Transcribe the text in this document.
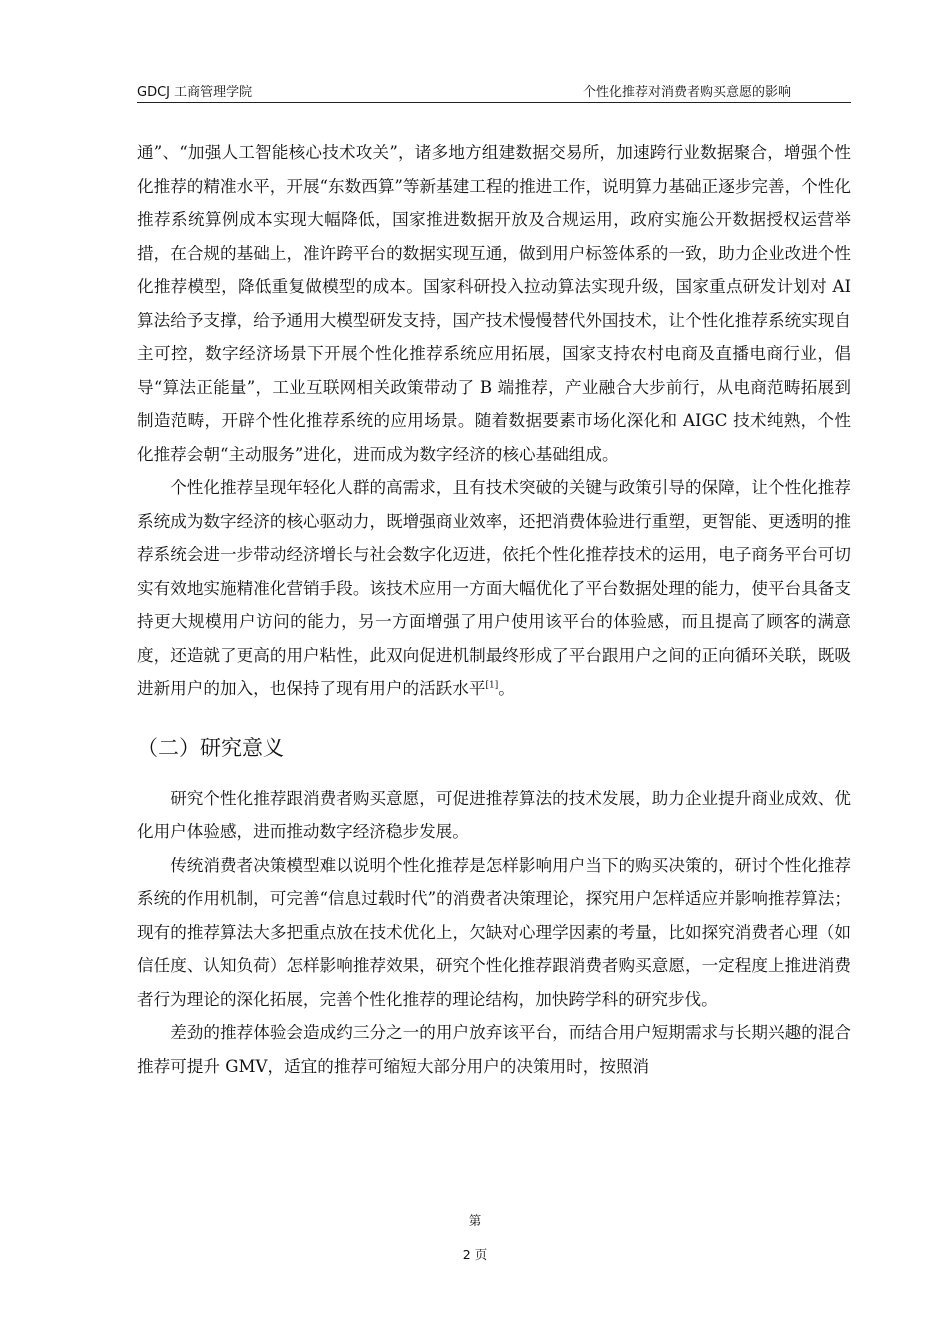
GDCJ 工商管理学院	个性化推荐对消费者购买意愿的影响

通”、“加强人工智能核心技术攻关”，诸多地方组建数据交易所，加速跨行业数据聚合，增强个性化推荐的精准水平，开展“东数西算”等新基建工程的推进工作，说明算力基础正逐步完善，个性化推荐系统算例成本实现大幅降低，国家推进数据开放及合规运用，政府实施公开数据授权运营举措，在合规的基础上，准许跨平台的数据实现互通，做到用户标签体系的一致，助力企业改进个性化推荐模型，降低重复做模型的成本。国家科研投入拉动算法实现升级，国家重点研发计划对 AI 算法给予支撑，给予通用大模型研发支持，国产技术慢慢替代外国技术，让个性化推荐系统实现自主可控，数字经济场景下开展个性化推荐系统应用拓展，国家支持农村电商及直播电商行业，倡导“算法正能量”，工业互联网相关政策带动了 B 端推荐，产业融合大步前行，从电商范畴拓展到制造范畴，开辟个性化推荐系统的应用场景。随着数据要素市场化深化和 AIGC 技术纯熟，个性化推荐会朝“主动服务”进化，进而成为数字经济的核心基础组成。

个性化推荐呈现年轻化人群的高需求，且有技术突破的关键与政策引导的保障，让个性化推荐系统成为数字经济的核心驱动力，既增强商业效率，还把消费体验进行重塑，更智能、更透明的推荐系统会进一步带动经济增长与社会数字化迈进，依托个性化推荐技术的运用，电子商务平台可切实有效地实施精准化营销手段。该技术应用一方面大幅优化了平台数据处理的能力，使平台具备支持更大规模用户访问的能力，另一方面增强了用户使用该平台的体验感，而且提高了顾客的满意度，还造就了更高的用户粘性，此双向促进机制最终形成了平台跟用户之间的正向循环关联，既吸进新用户的加入，也保持了现有用户的活跃水平[1]。

（二）研究意义

研究个性化推荐跟消费者购买意愿，可促进推荐算法的技术发展，助力企业提升商业成效、优化用户体验感，进而推动数字经济稳步发展。

传统消费者决策模型难以说明个性化推荐是怎样影响用户当下的购买决策的，研讨个性化推荐系统的作用机制，可完善“信息过载时代”的消费者决策理论，探究用户怎样适应并影响推荐算法；现有的推荐算法大多把重点放在技术优化上，欠缺对心理学因素的考量，比如探究消费者心理（如信任度、认知负荷）怎样影响推荐效果，研究个性化推荐跟消费者购买意愿，一定程度上推进消费者行为理论的深化拓展，完善个性化推荐的理论结构，加快跨学科的研究步伐。

差劲的推荐体验会造成约三分之一的用户放弃该平台，而结合用户短期需求与长期兴趣的混合推荐可提升 GMV，适宜的推荐可缩短大部分用户的决策用时，按照消

第
2 页
